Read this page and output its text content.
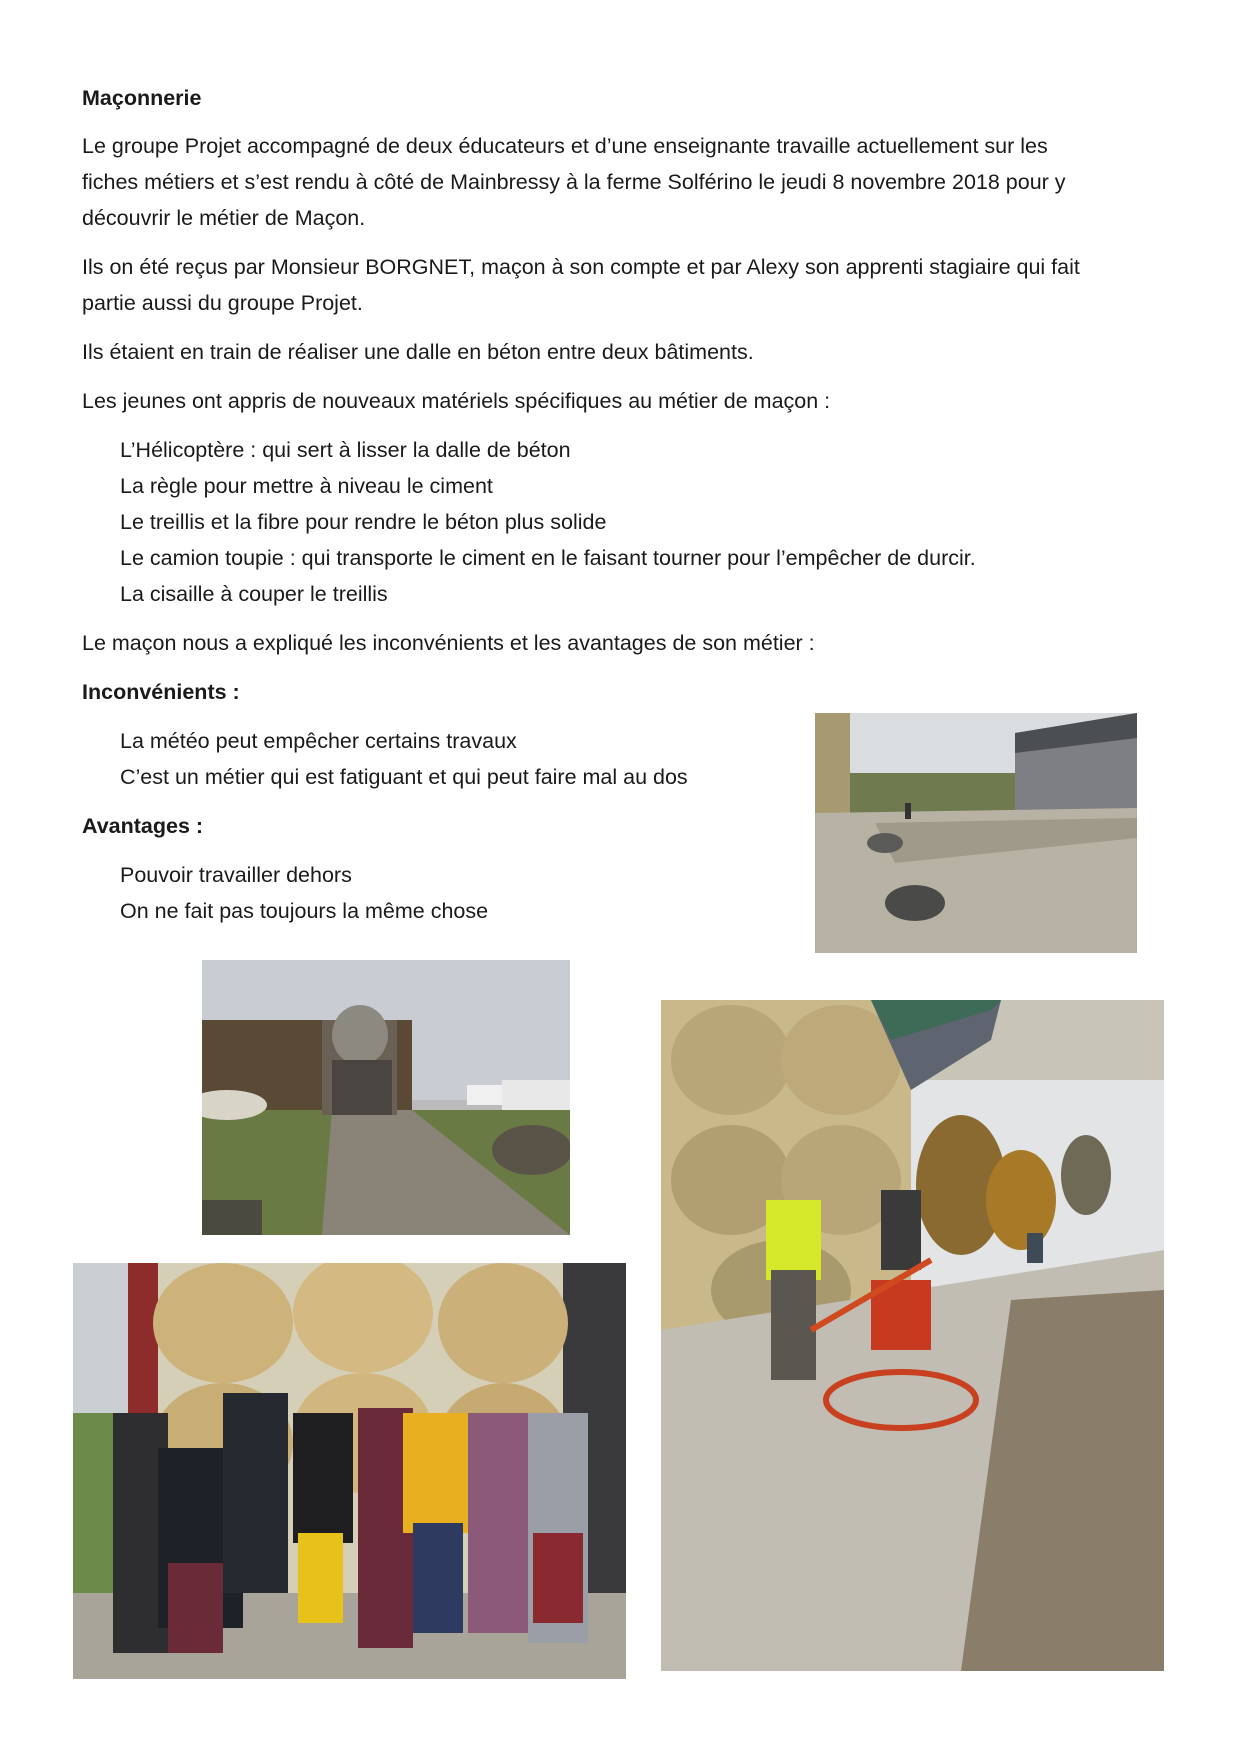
Maçonnerie
Le groupe Projet accompagné de deux éducateurs et d’une enseignante travaille actuellement sur les
fiches métiers et s’est rendu à côté de Mainbressy à la ferme Solférino le jeudi 8 novembre 2018 pour y
découvrir le métier de Maçon.
Ils on été reçus par Monsieur BORGNET, maçon à son compte et par Alexy son apprenti stagiaire qui fait
partie aussi du groupe Projet.
Ils étaient en train de réaliser une dalle en béton entre deux bâtiments.
Les jeunes ont appris de nouveaux matériels spécifiques au métier de maçon :
L’Hélicoptère : qui sert à lisser la dalle de béton
La règle pour mettre à niveau le ciment
Le treillis et la fibre pour rendre le béton plus solide
Le camion toupie : qui transporte le ciment en le faisant tourner pour l’empêcher de durcir.
La cisaille à couper le treillis
Le maçon nous a expliqué les inconvénients et les avantages de son métier :
Inconvénients :
La météo peut empêcher certains travaux
C’est un métier qui est fatiguant et qui peut faire mal au dos
Avantages :
Pouvoir travailler dehors
On ne fait pas toujours la même chose
